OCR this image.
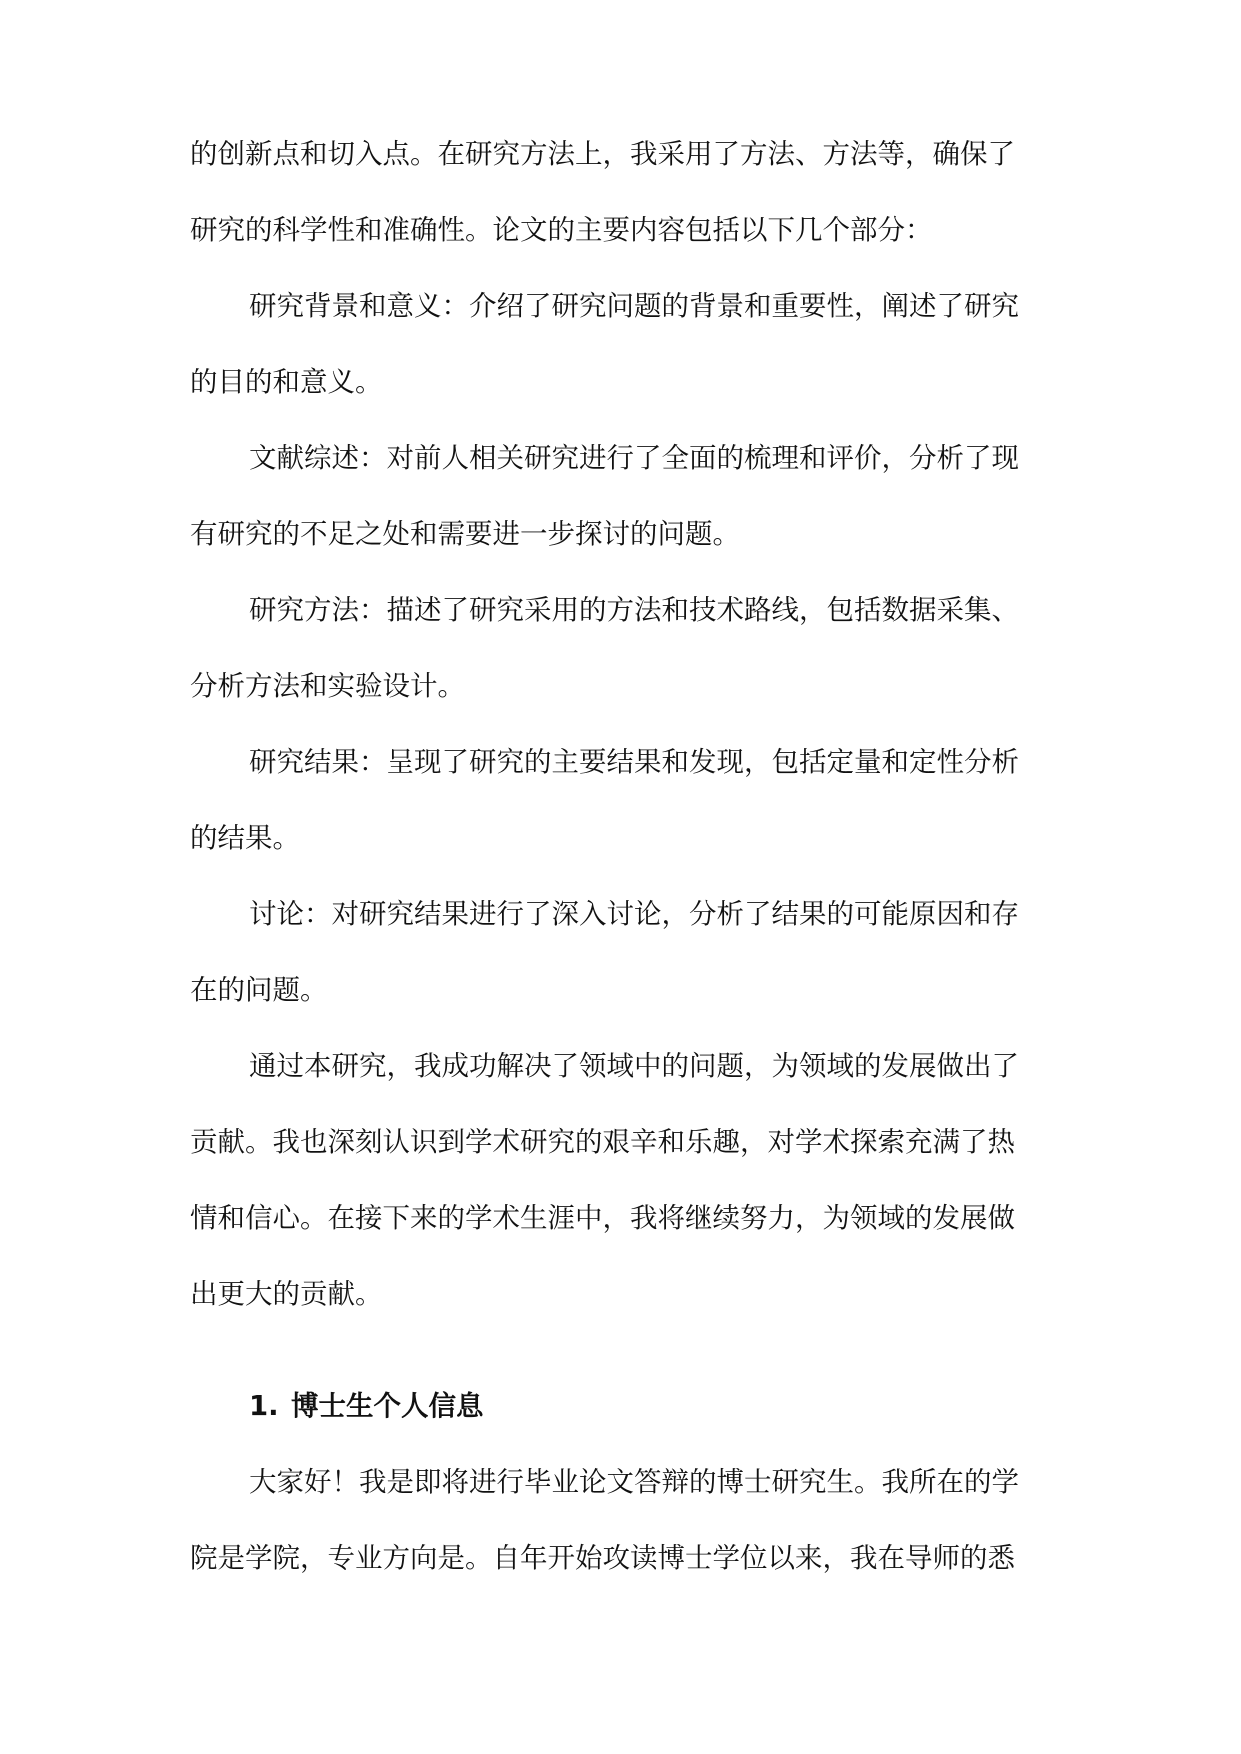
的创新点和切入点。在研究方法上，我采用了方法、方法等，确保了
研究的科学性和准确性。论文的主要内容包括以下几个部分：
研究背景和意义：介绍了研究问题的背景和重要性，阐述了研究
的目的和意义。
文献综述：对前人相关研究进行了全面的梳理和评价，分析了现
有研究的不足之处和需要进一步探讨的问题。
研究方法：描述了研究采用的方法和技术路线，包括数据采集、
分析方法和实验设计。
研究结果：呈现了研究的主要结果和发现，包括定量和定性分析
的结果。
讨论：对研究结果进行了深入讨论，分析了结果的可能原因和存
在的问题。
通过本研究，我成功解决了领域中的问题，为领域的发展做出了
贡献。我也深刻认识到学术研究的艰辛和乐趣，对学术探索充满了热
情和信心。在接下来的学术生涯中，我将继续努力，为领域的发展做
出更大的贡献。
1. 博士生个人信息
大家好！我是即将进行毕业论文答辩的博士研究生。我所在的学
院是学院，专业方向是。自年开始攻读博士学位以来，我在导师的悉
